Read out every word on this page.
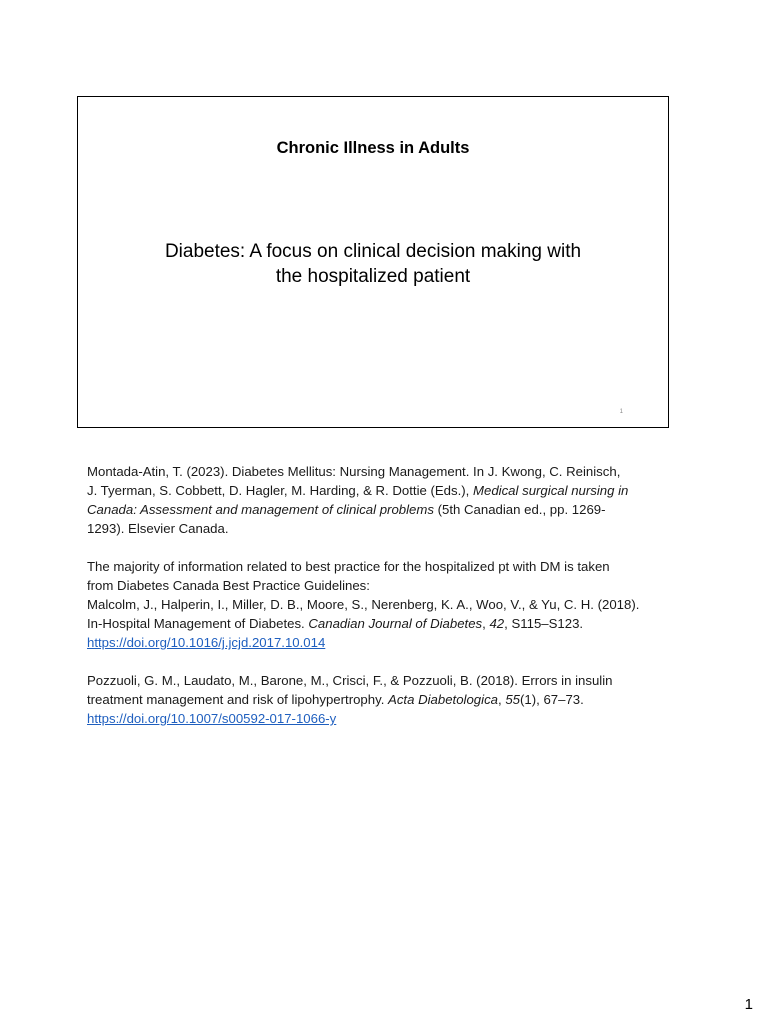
Chronic Illness in Adults
Diabetes: A focus on clinical decision making with
the hospitalized patient
1

Montada-Atin, T. (2023). Diabetes Mellitus: Nursing Management. In J. Kwong, C. Reinisch,
J. Tyerman, S. Cobbett, D. Hagler, M. Harding, & R. Dottie (Eds.), Medical surgical nursing in
Canada: Assessment and management of clinical problems (5th Canadian ed., pp. 1269-
1293). Elsevier Canada.

The majority of information related to best practice for the hospitalized pt with DM is taken
from Diabetes Canada Best Practice Guidelines:
Malcolm, J., Halperin, I., Miller, D. B., Moore, S., Nerenberg, K. A., Woo, V., & Yu, C. H. (2018).
In-Hospital Management of Diabetes. Canadian Journal of Diabetes, 42, S115–S123.
https://doi.org/10.1016/j.jcjd.2017.10.014

Pozzuoli, G. M., Laudato, M., Barone, M., Crisci, F., & Pozzuoli, B. (2018). Errors in insulin
treatment management and risk of lipohypertrophy. Acta Diabetologica, 55(1), 67–73.
https://doi.org/10.1007/s00592-017-1066-y

1
